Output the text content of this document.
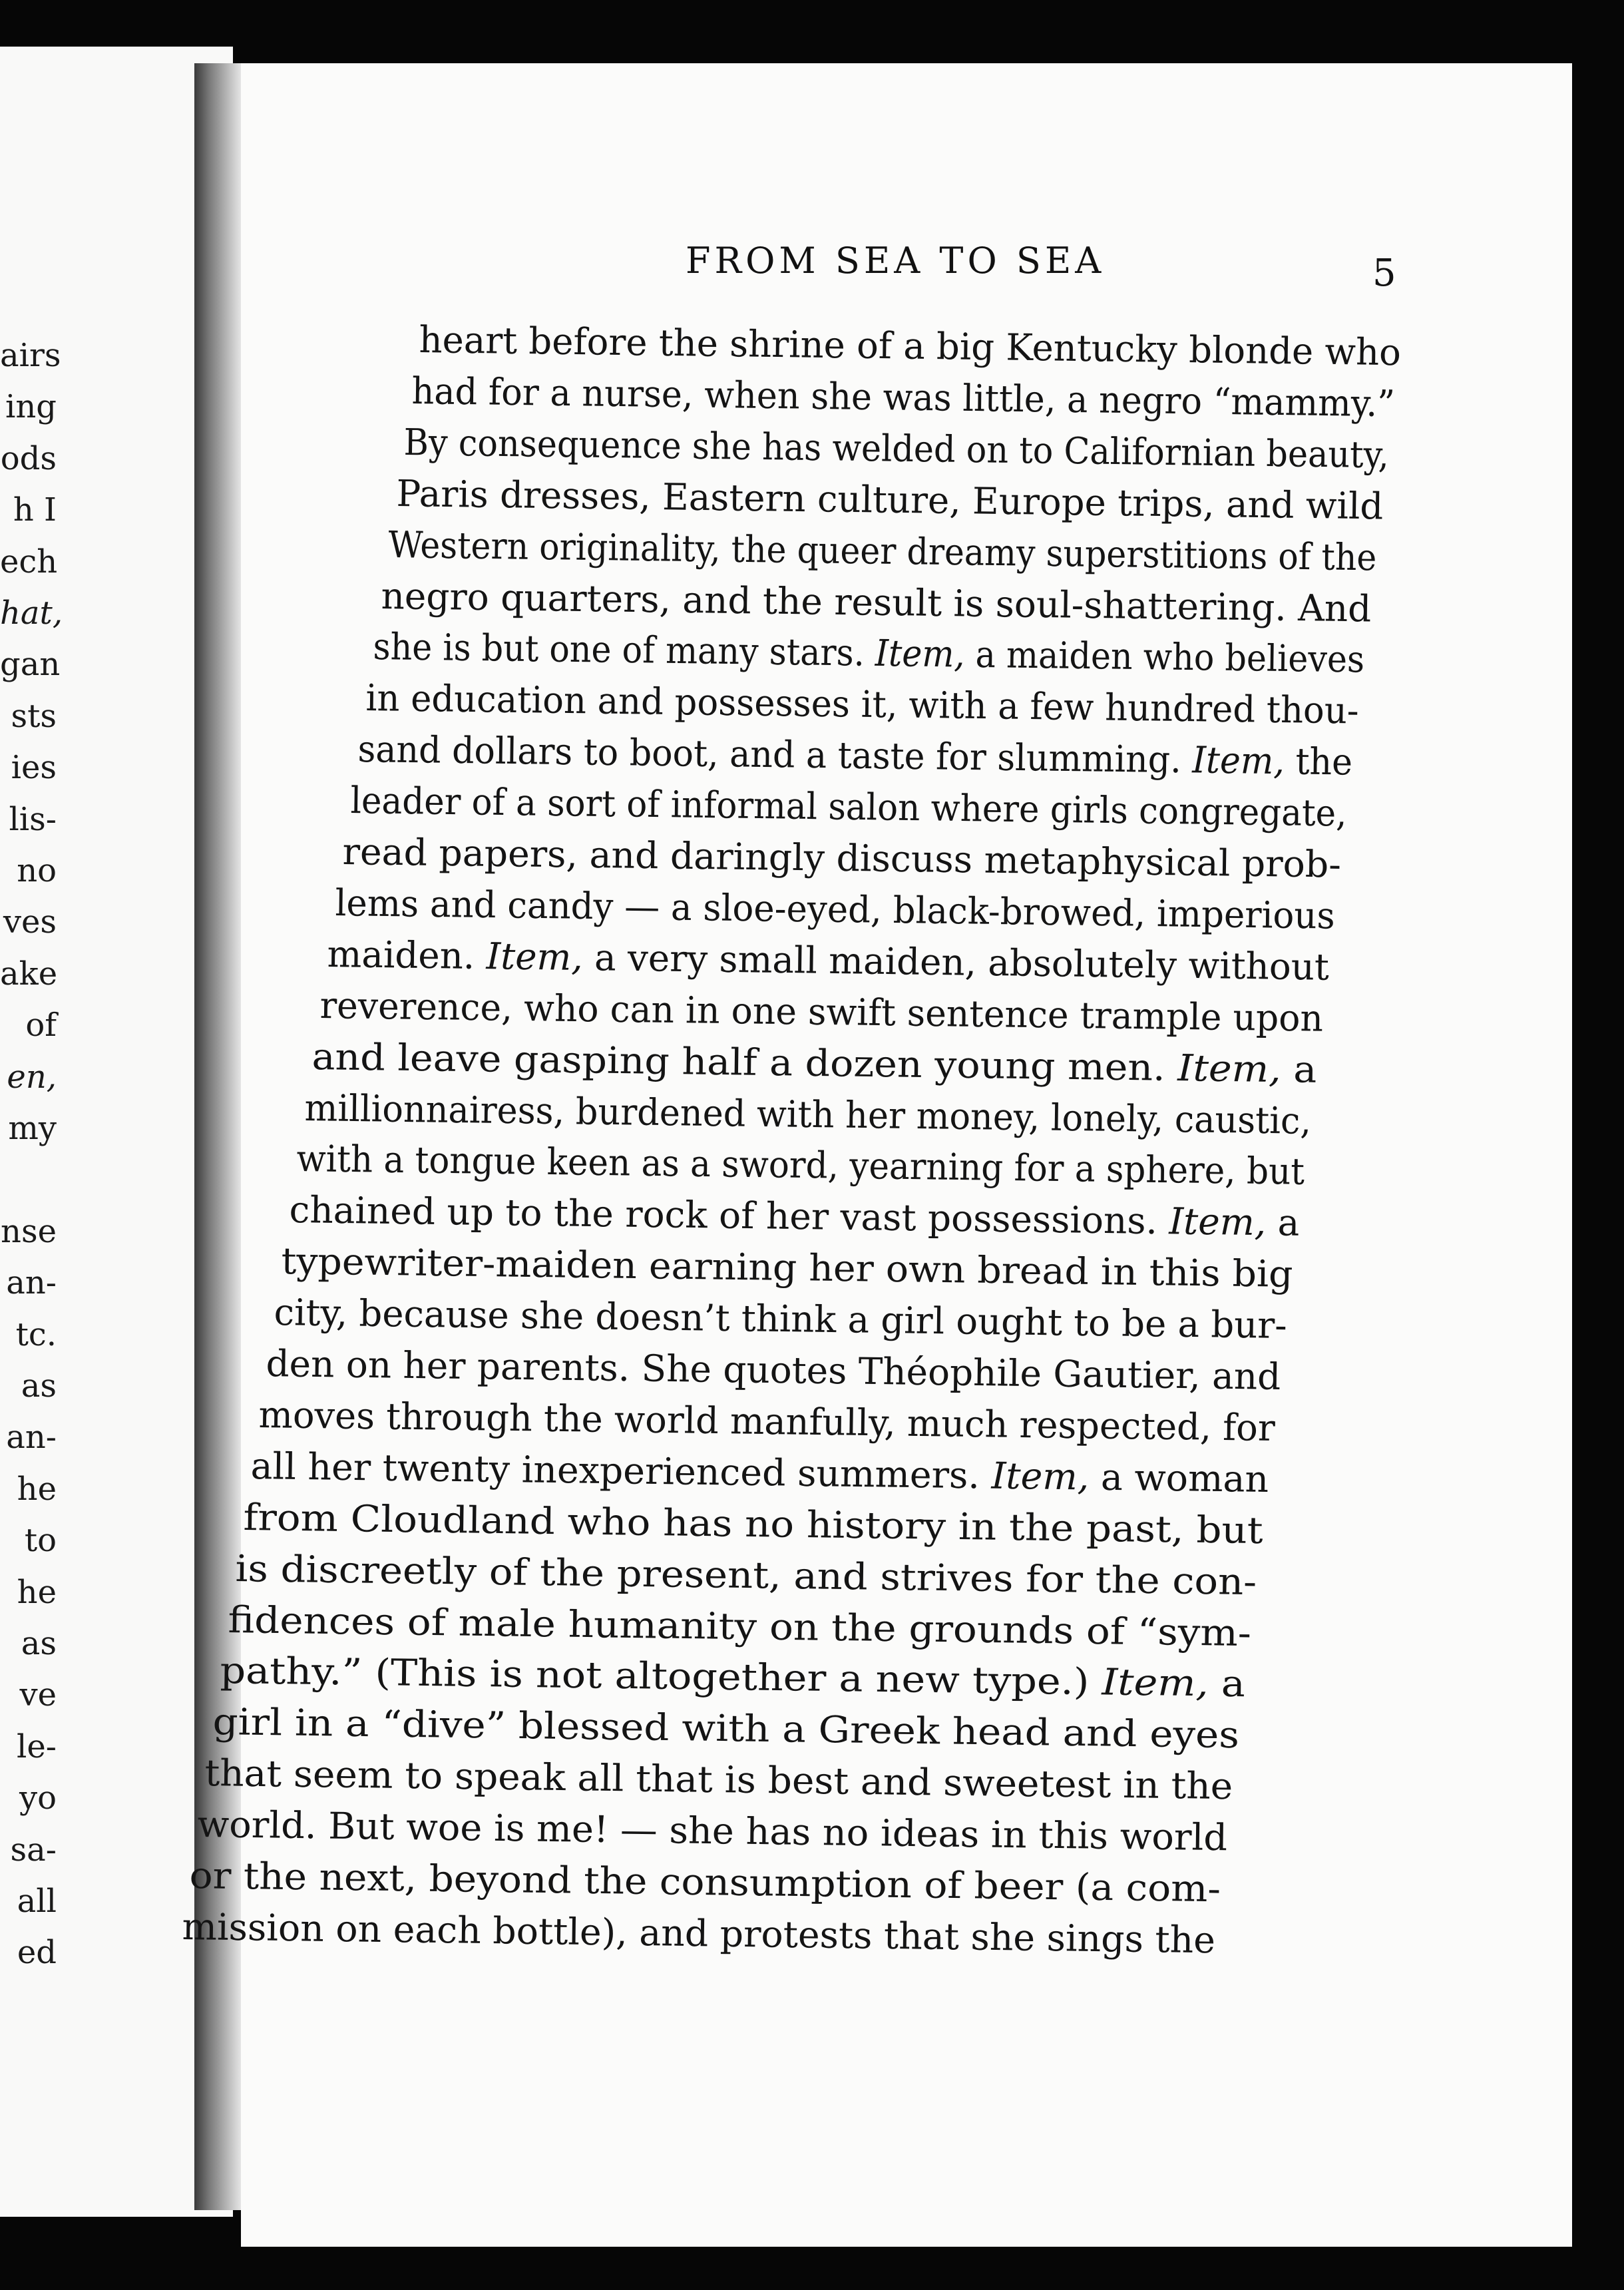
airs
ing
ods
h I
ech
hat,
gan
sts
ies
lis-
no
ves
ake
of
en,
my
nse
an-
tc.
as
an-
he
to
he
as
ve
le-
yo
sa-
all
ed
FROM SEA TO SEA	5
heart before the shrine of a big Kentucky blonde who
had for a nurse, when she was little, a negro “mammy.”
By consequence she has welded on to Californian beauty,
Paris dresses, Eastern culture, Europe trips, and wild
Western originality, the queer dreamy superstitions of the
negro quarters, and the result is soul-shattering. And
she is but one of many stars. Item, a maiden who believes
in education and possesses it, with a few hundred thou-
sand dollars to boot, and a taste for slumming. Item, the
leader of a sort of informal salon where girls congregate,
read papers, and daringly discuss metaphysical prob-
lems and candy — a sloe-eyed, black-browed, imperious
maiden. Item, a very small maiden, absolutely without
reverence, who can in one swift sentence trample upon
and leave gasping half a dozen young men. Item, a
millionnairess, burdened with her money, lonely, caustic,
with a tongue keen as a sword, yearning for a sphere, but
chained up to the rock of her vast possessions. Item, a
typewriter-maiden earning her own bread in this big
city, because she doesn’t think a girl ought to be a bur-
den on her parents. She quotes Théophile Gautier, and
moves through the world manfully, much respected, for
all her twenty inexperienced summers. Item, a woman
from Cloudland who has no history in the past, but
is discreetly of the present, and strives for the con-
fidences of male humanity on the grounds of “sym-
pathy.” (This is not altogether a new type.) Item, a
girl in a “dive” blessed with a Greek head and eyes
that seem to speak all that is best and sweetest in the
world. But woe is me! — she has no ideas in this world
or the next, beyond the consumption of beer (a com-
mission on each bottle), and protests that she sings the
